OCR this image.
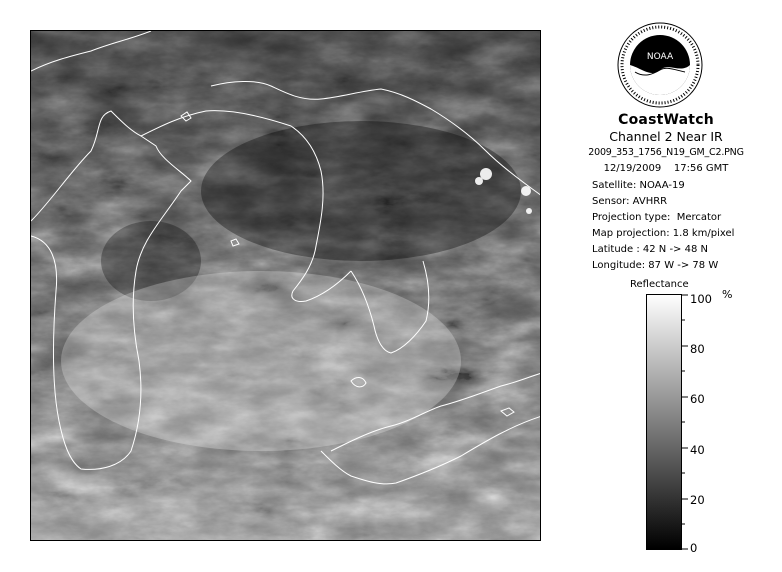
NOAA
CoastWatch
Channel 2 Near IR
2009_353_1756_N19_GM_C2.PNG
12/19/2009    17:56 GMT
Satellite: NOAA-19
Sensor: AVHRR
Projection type:  Mercator
Map projection: 1.8 km/pixel
Latitude : 42 N -> 48 N
Longitude: 87 W -> 78 W
Reflectance
100
80
60
40
20
0
%
